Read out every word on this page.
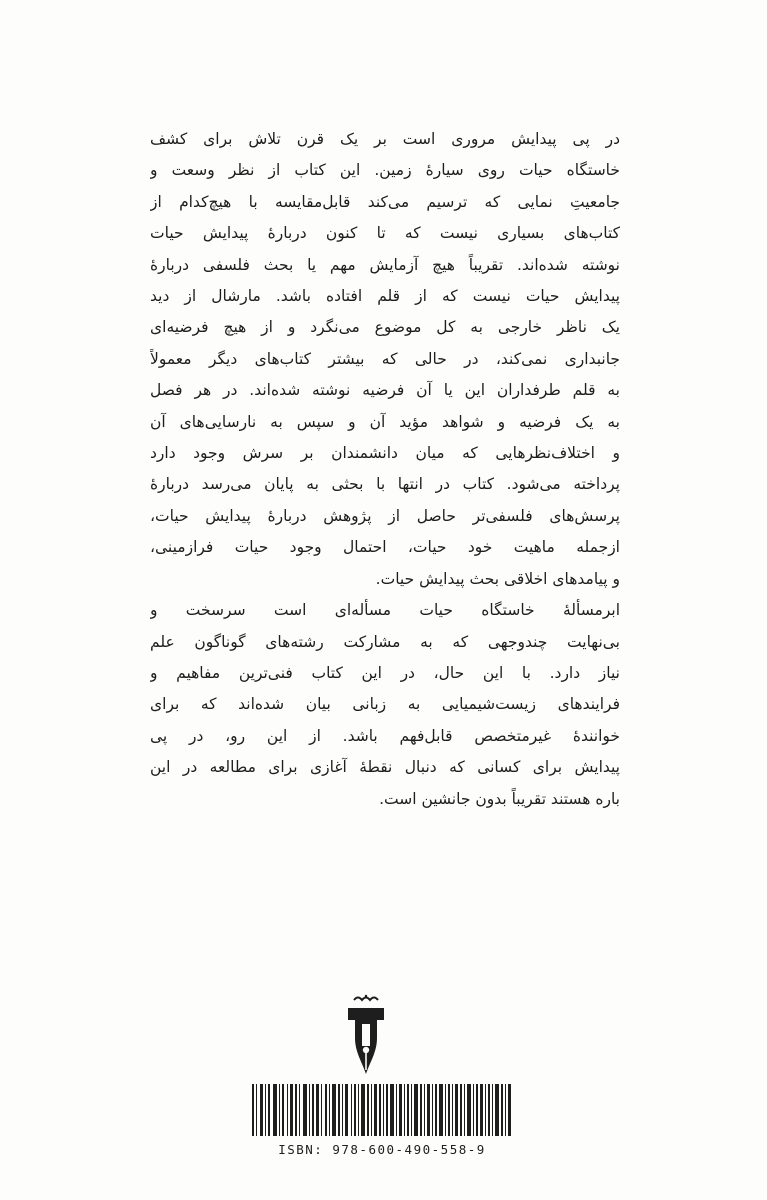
در پی پیدایش مروری است بر یک قرن تلاش برای کشف
خاستگاه حیات روی سیارهٔ زمین. این کتاب از نظر وسعت و
جامعیتِ نمایی که ترسیم می‌کند قابل‌مقایسه با هیچ‌کدام از
کتاب‌های بسیاری نیست که تا کنون دربارهٔ پیدایش حیات
نوشته شده‌اند. تقریباً هیچ آزمایش مهم یا بحث فلسفی دربارهٔ
پیدایش حیات نیست که از قلم افتاده باشد. مارشال از دید
یک ناظر خارجی به کل موضوع می‌نگرد و از هیچ فرضیه‌ای
جانبداری نمی‌کند، در حالی که بیشتر کتاب‌های دیگر معمولاً
به قلم طرفداران این یا آن فرضیه نوشته شده‌اند. در هر فصل
به یک فرضیه و شواهد مؤید آن و سپس به نارسایی‌های آن
و اختلاف‌نظرهایی که میان دانشمندان بر سرش وجود دارد
پرداخته می‌شود. کتاب در انتها با بحثی به پایان می‌رسد دربارهٔ
پرسش‌های فلسفی‌تر حاصل از پژوهش دربارهٔ پیدایش حیات،
ازجمله ماهیت خود حیات، احتمال وجود حیات فرازمینی،
و پیامدهای اخلاقی بحث پیدایش حیات.
ابرمسألهٔ خاستگاه حیات مسأله‌ای است سرسخت و
بی‌نهایت چندوجهی که به مشارکت رشته‌های گوناگون علم
نیاز دارد. با این حال، در این کتاب فنی‌ترین مفاهیم و
فرایندهای زیست‌شیمیایی به زبانی بیان شده‌اند که برای
خوانندهٔ غیرمتخصص قابل‌فهم باشد. از این رو، در پی
پیدایش برای کسانی که دنبال نقطهٔ آغازی برای مطالعه در این
باره هستند تقریباً بدون جانشین است.
ISBN: 978-600-490-558-9
